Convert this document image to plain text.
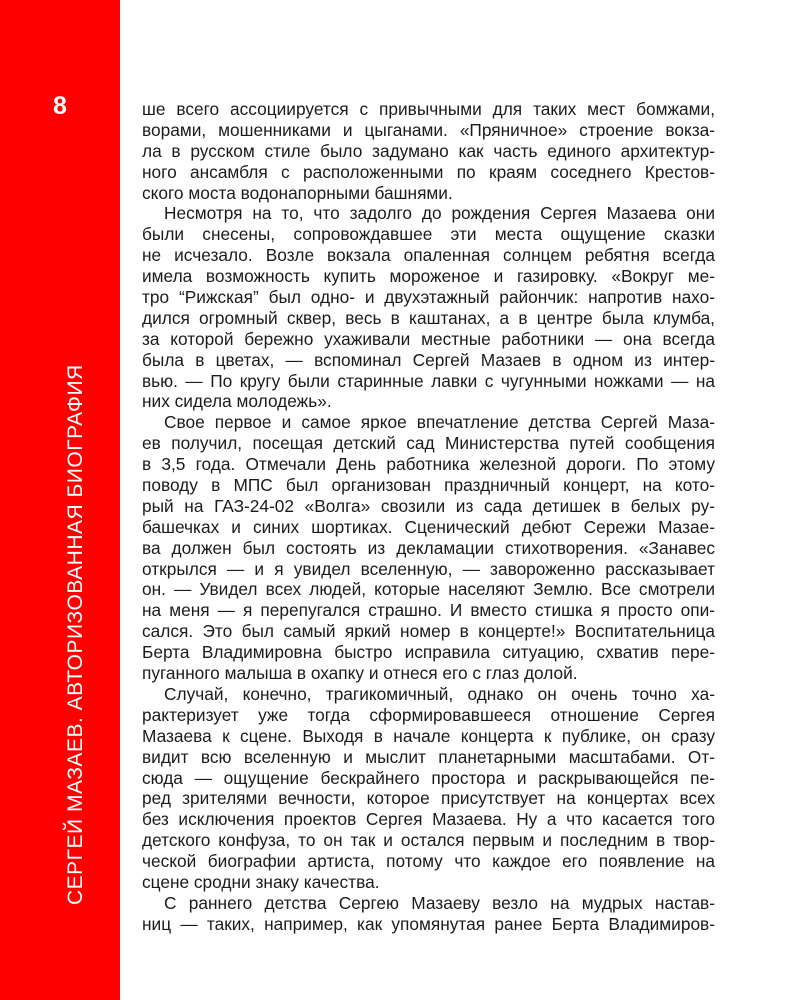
8
СЕРГЕЙ МАЗАЕВ. АВТОРИЗОВАННАЯ БИОГРАФИЯ
ше всего ассоциируется с привычными для таких мест бомжами,
ворами, мошенниками и цыганами. «Пряничное» строение вокза-
ла в русском стиле было задумано как часть единого архитектур-
ного ансамбля с расположенными по краям соседнего Крестов-
ского моста водонапорными башнями.
Несмотря на то, что задолго до рождения Сергея Мазаева они
были снесены, сопровождавшее эти места ощущение сказки
не исчезало. Возле вокзала опаленная солнцем ребятня всегда
имела возможность купить мороженое и газировку. «Вокруг ме-
тро “Рижская” был одно- и двухэтажный райончик: напротив нахо-
дился огромный сквер, весь в каштанах, а в центре была клумба,
за которой бережно ухаживали местные работники — она всегда
была в цветах, — вспоминал Сергей Мазаев в одном из интер-
вью. — По кругу были старинные лавки с чугунными ножками — на
них сидела молодежь».
Свое первое и самое яркое впечатление детства Сергей Маза-
ев получил, посещая детский сад Министерства путей сообщения
в 3,5 года. Отмечали День работника железной дороги. По этому
поводу в МПС был организован праздничный концерт, на кото-
рый на ГАЗ-24-02 «Волга» свозили из сада детишек в белых ру-
башечках и синих шортиках. Сценический дебют Сережи Мазае-
ва должен был состоять из декламации стихотворения. «Занавес
открылся — и я увидел вселенную, — завороженно рассказывает
он. — Увидел всех людей, которые населяют Землю. Все смотрели
на меня — я перепугался страшно. И вместо стишка я просто опи-
сался. Это был самый яркий номер в концерте!» Воспитательница
Берта Владимировна быстро исправила ситуацию, схватив пере-
пуганного малыша в охапку и отнеся его с глаз долой.
Случай, конечно, трагикомичный, однако он очень точно ха-
рактеризует уже тогда сформировавшееся отношение Сергея
Мазаева к сцене. Выходя в начале концерта к публике, он сразу
видит всю вселенную и мыслит планетарными масштабами. От-
сюда — ощущение бескрайнего простора и раскрывающейся пе-
ред зрителями вечности, которое присутствует на концертах всех
без исключения проектов Сергея Мазаева. Ну а что касается того
детского конфуза, то он так и остался первым и последним в твор-
ческой биографии артиста, потому что каждое его появление на
сцене сродни знаку качества.
С раннего детства Сергею Мазаеву везло на мудрых настав-
ниц — таких, например, как упомянутая ранее Берта Владимиров-
